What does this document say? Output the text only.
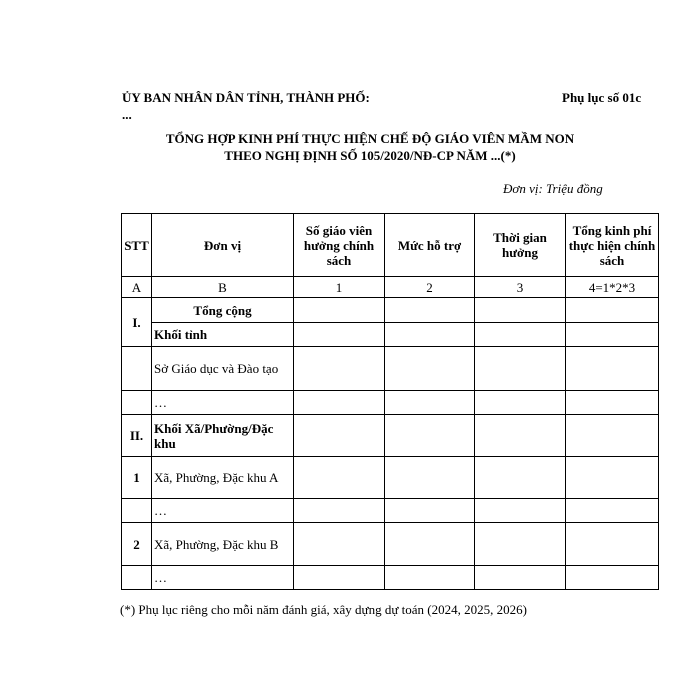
ỦY BAN NHÂN DÂN TỈNH, THÀNH PHỐ: ...
Phụ lục số 01c
TỔNG HỢP KINH PHÍ THỰC HIỆN CHẾ ĐỘ GIÁO VIÊN MẦM NON
THEO NGHỊ ĐỊNH SỐ 105/2020/NĐ-CP NĂM ...(*)
Đơn vị: Triệu đồng
STT	Đơn vị	Số giáo viên hưởng chính sách	Mức hỗ trợ	Thời gian hưởng	Tổng kinh phí thực hiện chính sách
A	B	1	2	3	4=1*2*3
I.	Tổng cộng				
	Khối tỉnh				
	Sở Giáo dục và Đào tạo				
	…				
II.	Khối Xã/Phường/Đặc khu				
1	Xã, Phường, Đặc khu A				
	…				
2	Xã, Phường, Đặc khu B				
	…				
(*) Phụ lục riêng cho mỗi năm đánh giá, xây dựng dự toán (2024, 2025, 2026)
